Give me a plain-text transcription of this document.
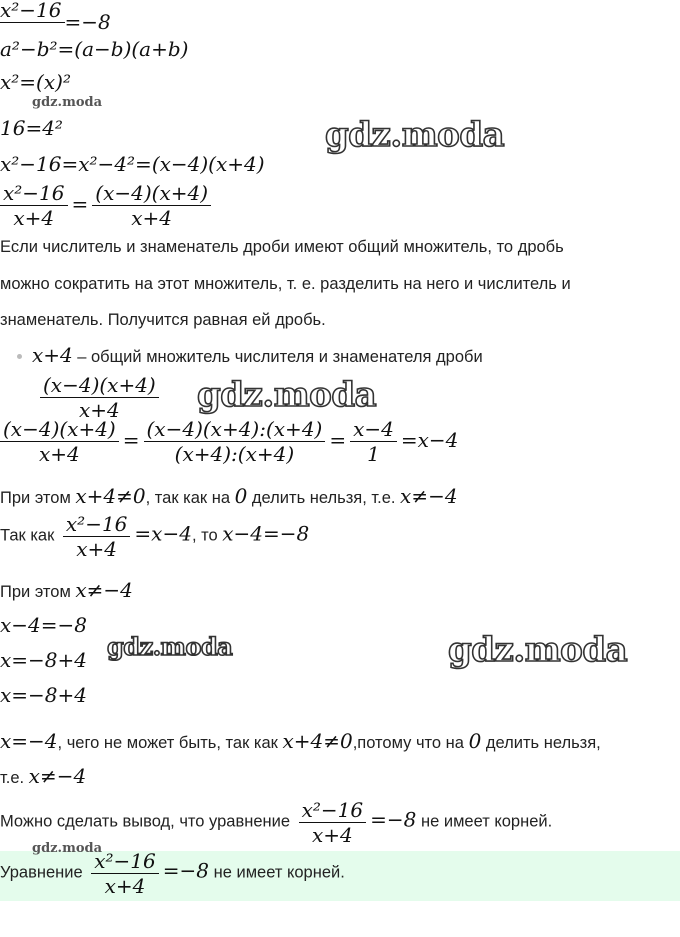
x²−16 =−8
a²−b²=(a−b)(a+b)
x²=(x)²
gdz.moda
16=4²
x²−16=x²−4²=(x−4)(x+4)
$\frac{\text{x²−16}}{x+4} = \frac{(x-4)(x+4)}{x+4}$
Если числитель и знаменатель дроби имеют общий множитель, то дробь
можно сократить на этот множитель, т. е. разделить на него и числитель и
знаменатель. Получится равная ей дробь.
x+4 – общий множитель числителя и знаменателя дроби
$\frac{(x-4)(x+4)}{x+4}$
$\frac{(x-4)(x+4)}{x+4} = \frac{(x-4)(x+4):(x+4)}{(x+4):(x+4)} = \frac{x-4}{1} =x-4$
При этом x+4≠0, так как на 0 делить нельзя, т.е. x≠−4
Так как $\frac{\text{x²−16}}{x+4} =x-4$, то x−4=−8
При этом x≠−4
x−4=−8
x=−8+4
x=−8+4
x=−4, чего не может быть, так как x+4≠0,потому что на 0 делить нельзя,
т.е. x≠−4
Можно сделать вывод, что уравнение $\frac{\text{x²−16}}{x+4} =-8$ не имеет корней.
gdz.moda
Уравнение $\frac{\text{x²−16}}{x+4} =-8$ не имеет корней.
gdz.moda
gdz.moda
gdz.moda	gdz.moda
